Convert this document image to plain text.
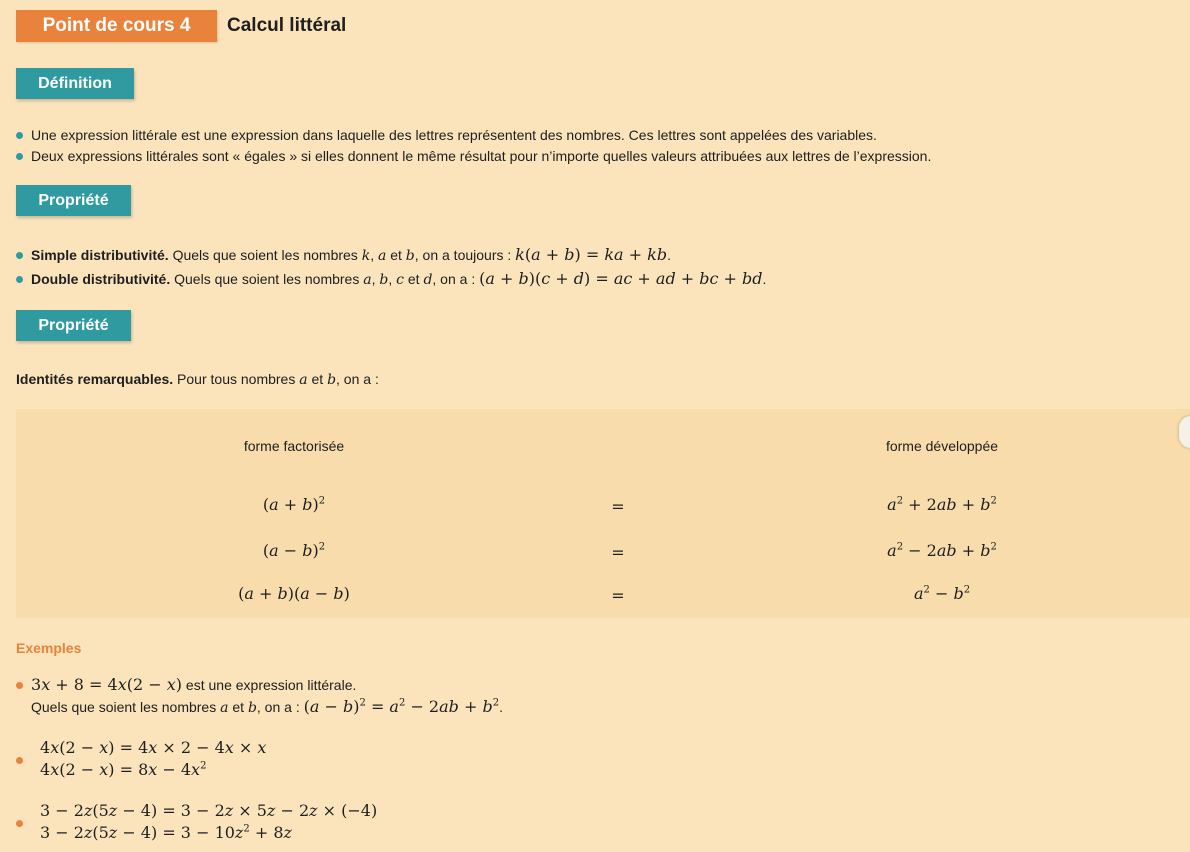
Point de cours 4	Calcul littéral
Définition
Une expression littérale est une expression dans laquelle des lettres représentent des nombres. Ces lettres sont appelées des variables.
Deux expressions littérales sont « égales » si elles donnent le même résultat pour n’importe quelles valeurs attribuées aux lettres de l’expression.
Propriété
Simple distributivité. Quels que soient les nombres k, a et b, on a toujours : k(a + b) = ka + kb.
Double distributivité. Quels que soient les nombres a, b, c et d, on a : (a + b)(c + d) = ac + ad + bc + bd.
Propriété
Identités remarquables. Pour tous nombres a et b, on a :
forme factorisée	forme développée
$(a + b)^2$	=	$a^2 + 2ab + b^2$
$(a - b)^2$	=	$a^2 - 2ab + b^2$
(a + b)(a − b)	=	$a^2 - b^2$
Exemples
3x + 8 = 4x(2 − x) est une expression littérale.
Quels que soient les nombres a et b, on a : $(a - b)^2 = a^2 - 2ab + b^2$.
4x(2 − x) = 4x × 2 − 4x × x
$4x(2 - x) = 8x - 4x^2$
3 − 2z(5z − 4) = 3 − 2z × 5z − 2z × (−4)
$3 - 2z(5z - 4) = 3 - 10z^2 + 8z$
